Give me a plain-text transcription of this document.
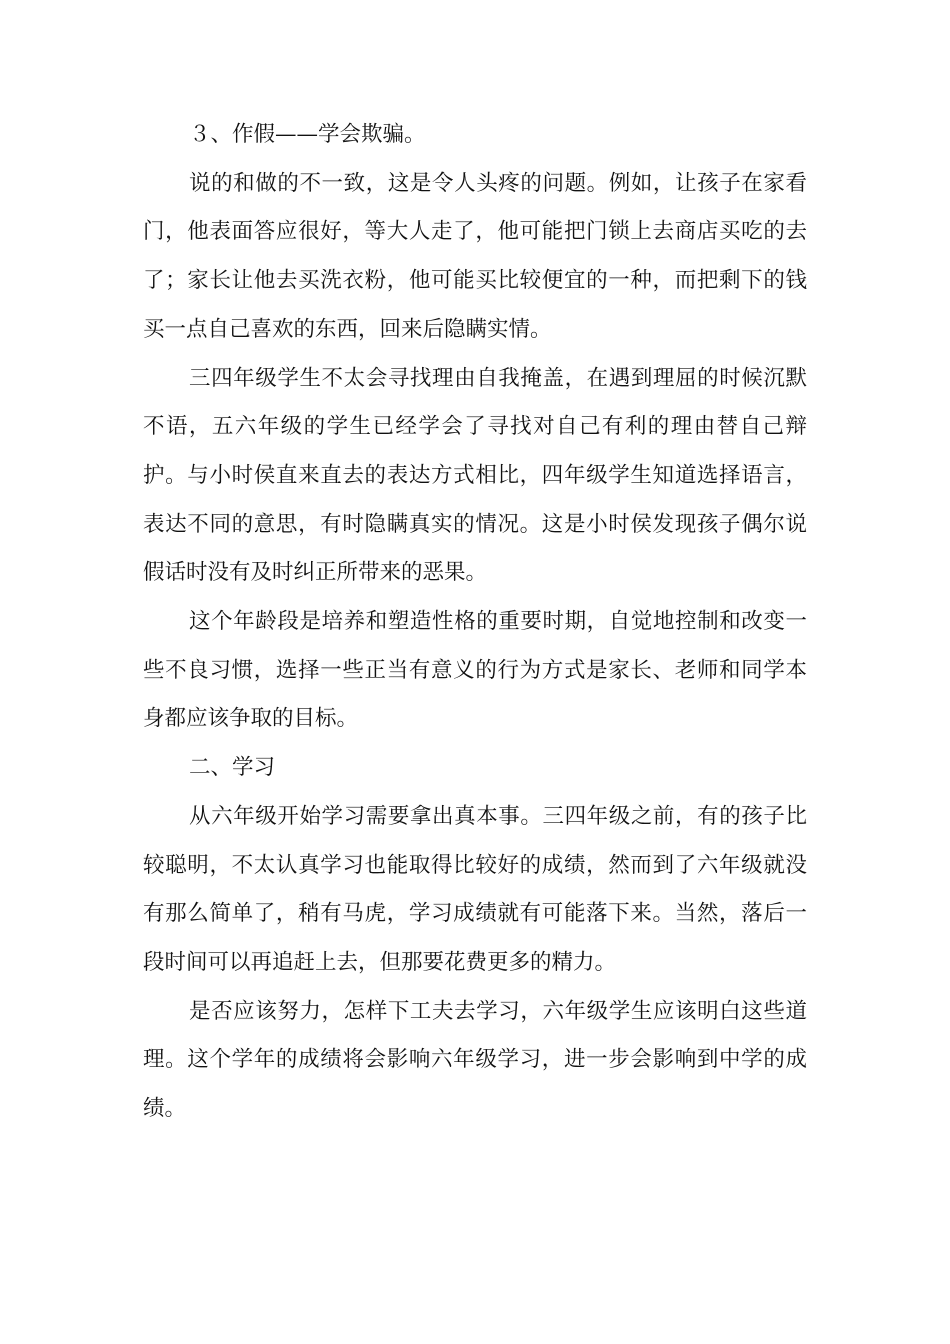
３、作假——学会欺骗。

说的和做的不一致，这是令人头疼的问题。例如，让孩子在家看门，他表面答应很好，等大人走了，他可能把门锁上去商店买吃的去了；家长让他去买洗衣粉，他可能买比较便宜的一种，而把剩下的钱买一点自己喜欢的东西，回来后隐瞒实情。

三四年级学生不太会寻找理由自我掩盖，在遇到理屈的时候沉默不语，五六年级的学生已经学会了寻找对自己有利的理由替自己辩护。与小时侯直来直去的表达方式相比，四年级学生知道选择语言，表达不同的意思，有时隐瞒真实的情况。这是小时侯发现孩子偶尔说假话时没有及时纠正所带来的恶果。

这个年龄段是培养和塑造性格的重要时期，自觉地控制和改变一些不良习惯，选择一些正当有意义的行为方式是家长、老师和同学本身都应该争取的目标。

二、学习

从六年级开始学习需要拿出真本事。三四年级之前，有的孩子比较聪明，不太认真学习也能取得比较好的成绩，然而到了六年级就没有那么简单了，稍有马虎，学习成绩就有可能落下来。当然，落后一段时间可以再追赶上去，但那要花费更多的精力。

是否应该努力，怎样下工夫去学习，六年级学生应该明白这些道理。这个学年的成绩将会影响六年级学习，进一步会影响到中学的成绩。
